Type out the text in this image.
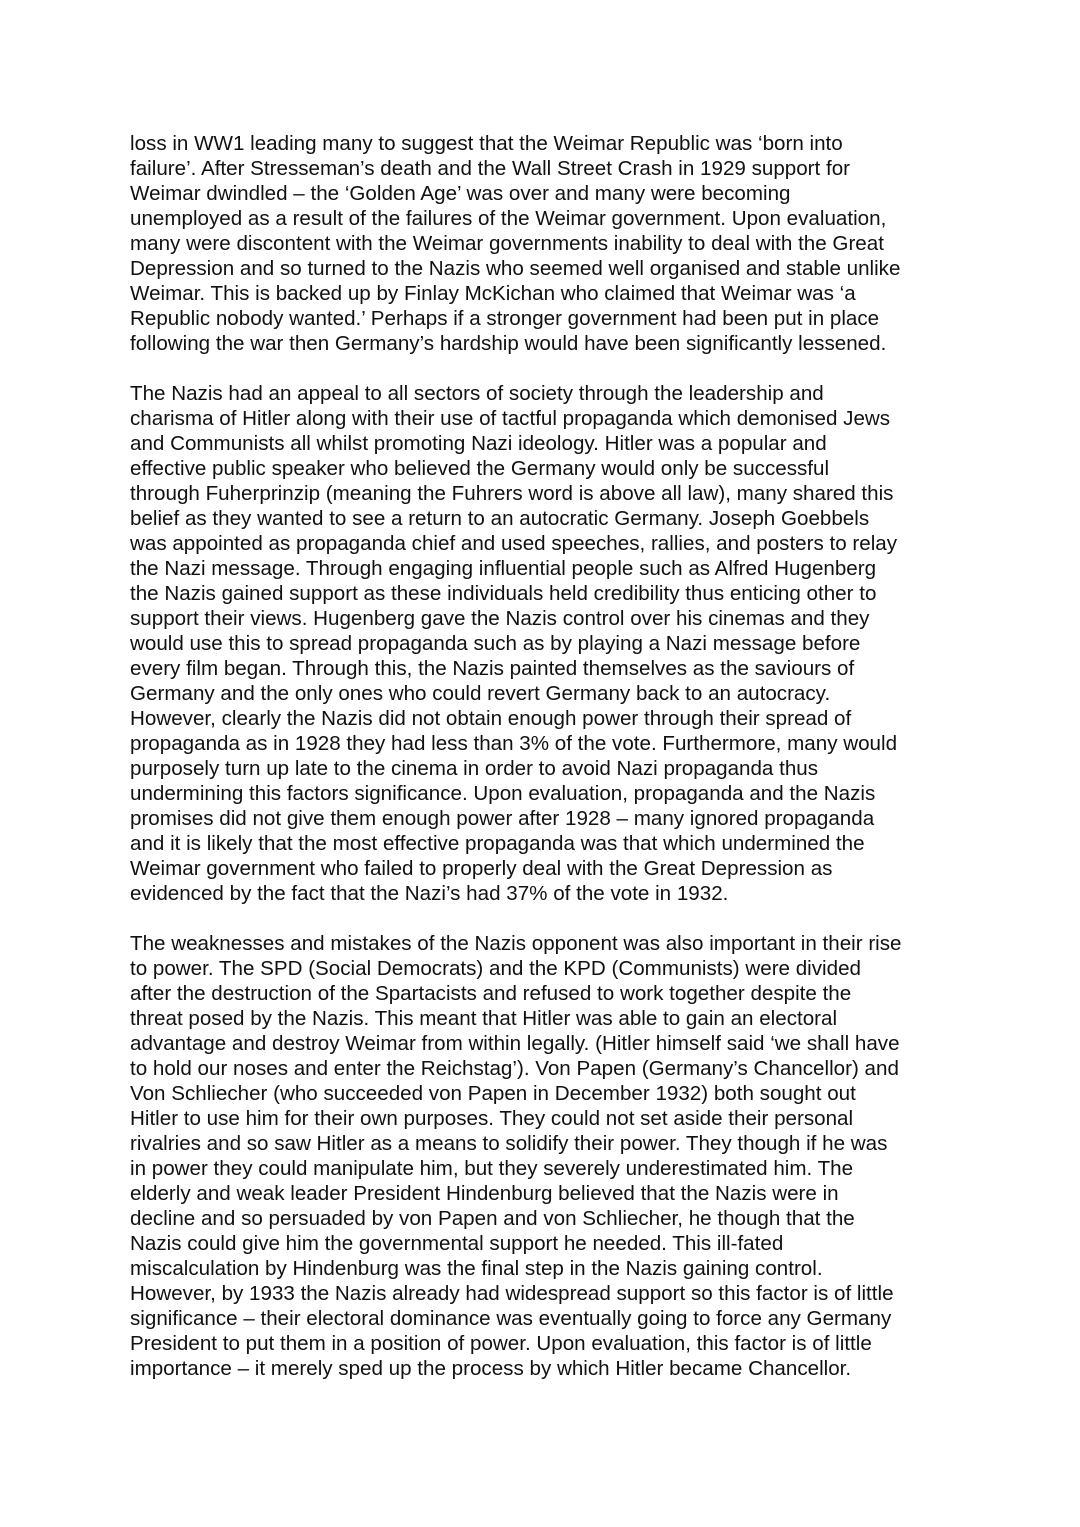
loss in WW1 leading many to suggest that the Weimar Republic was ‘born into
failure’. After Stresseman’s death and the Wall Street Crash in 1929 support for
Weimar dwindled – the ‘Golden Age’ was over and many were becoming
unemployed as a result of the failures of the Weimar government. Upon evaluation,
many were discontent with the Weimar governments inability to deal with the Great
Depression and so turned to the Nazis who seemed well organised and stable unlike
Weimar. This is backed up by Finlay McKichan who claimed that Weimar was ‘a
Republic nobody wanted.’ Perhaps if a stronger government had been put in place
following the war then Germany’s hardship would have been significantly lessened.

The Nazis had an appeal to all sectors of society through the leadership and
charisma of Hitler along with their use of tactful propaganda which demonised Jews
and Communists all whilst promoting Nazi ideology. Hitler was a popular and
effective public speaker who believed the Germany would only be successful
through Fuherprinzip (meaning the Fuhrers word is above all law), many shared this
belief as they wanted to see a return to an autocratic Germany. Joseph Goebbels
was appointed as propaganda chief and used speeches, rallies, and posters to relay
the Nazi message. Through engaging influential people such as Alfred Hugenberg
the Nazis gained support as these individuals held credibility thus enticing other to
support their views. Hugenberg gave the Nazis control over his cinemas and they
would use this to spread propaganda such as by playing a Nazi message before
every film began. Through this, the Nazis painted themselves as the saviours of
Germany and the only ones who could revert Germany back to an autocracy.
However, clearly the Nazis did not obtain enough power through their spread of
propaganda as in 1928 they had less than 3% of the vote. Furthermore, many would
purposely turn up late to the cinema in order to avoid Nazi propaganda thus
undermining this factors significance. Upon evaluation, propaganda and the Nazis
promises did not give them enough power after 1928 – many ignored propaganda
and it is likely that the most effective propaganda was that which undermined the
Weimar government who failed to properly deal with the Great Depression as
evidenced by the fact that the Nazi’s had 37% of the vote in 1932.

The weaknesses and mistakes of the Nazis opponent was also important in their rise
to power. The SPD (Social Democrats) and the KPD (Communists) were divided
after the destruction of the Spartacists and refused to work together despite the
threat posed by the Nazis. This meant that Hitler was able to gain an electoral
advantage and destroy Weimar from within legally. (Hitler himself said ‘we shall have
to hold our noses and enter the Reichstag’). Von Papen (Germany’s Chancellor) and
Von Schliecher (who succeeded von Papen in December 1932) both sought out
Hitler to use him for their own purposes. They could not set aside their personal
rivalries and so saw Hitler as a means to solidify their power. They though if he was
in power they could manipulate him, but they severely underestimated him. The
elderly and weak leader President Hindenburg believed that the Nazis were in
decline and so persuaded by von Papen and von Schliecher, he though that the
Nazis could give him the governmental support he needed. This ill-fated
miscalculation by Hindenburg was the final step in the Nazis gaining control.
However, by 1933 the Nazis already had widespread support so this factor is of little
significance – their electoral dominance was eventually going to force any Germany
President to put them in a position of power. Upon evaluation, this factor is of little
importance – it merely sped up the process by which Hitler became Chancellor.
